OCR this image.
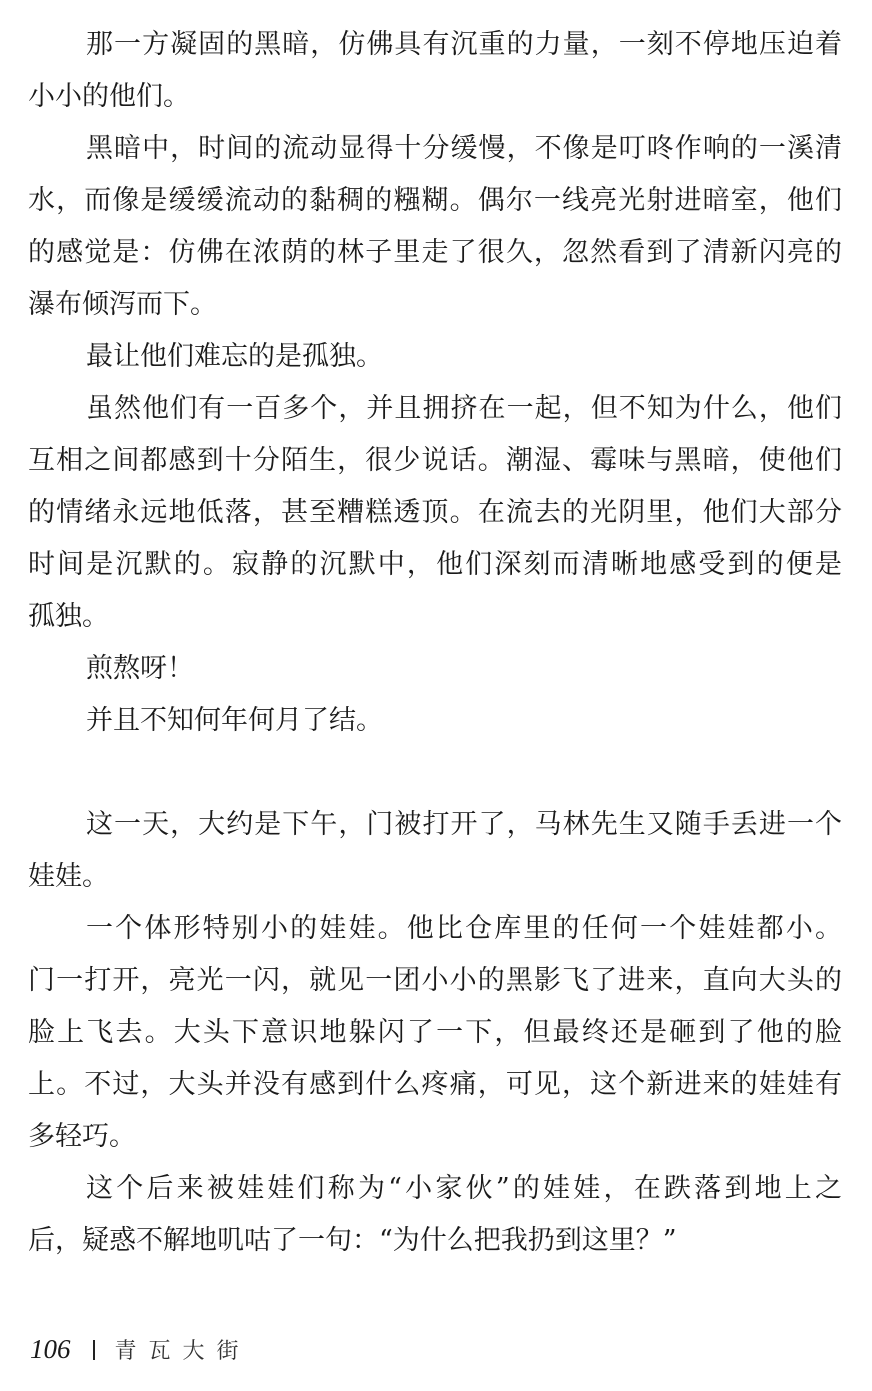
那一方凝固的黑暗，仿佛具有沉重的力量，一刻不停地压迫着
小小的他们。
黑暗中，时间的流动显得十分缓慢，不像是叮咚作响的一溪清
水，而像是缓缓流动的黏稠的糨糊。偶尔一线亮光射进暗室，他们
的感觉是：仿佛在浓荫的林子里走了很久，忽然看到了清新闪亮的
瀑布倾泻而下。
最让他们难忘的是孤独。
虽然他们有一百多个，并且拥挤在一起，但不知为什么，他们
互相之间都感到十分陌生，很少说话。潮湿、霉味与黑暗，使他们
的情绪永远地低落，甚至糟糕透顶。在流去的光阴里，他们大部分
时间是沉默的。寂静的沉默中，他们深刻而清晰地感受到的便是
孤独。
煎熬呀！
并且不知何年何月了结。
这一天，大约是下午，门被打开了，马林先生又随手丢进一个
娃娃。
一个体形特别小的娃娃。他比仓库里的任何一个娃娃都小。
门一打开，亮光一闪，就见一团小小的黑影飞了进来，直向大头的
脸上飞去。大头下意识地躲闪了一下，但最终还是砸到了他的脸
上。不过，大头并没有感到什么疼痛，可见，这个新进来的娃娃有
多轻巧。
这个后来被娃娃们称为“小家伙”的娃娃，在跌落到地上之
后，疑惑不解地叽咕了一句：“为什么把我扔到这里？”
106 青瓦大街
